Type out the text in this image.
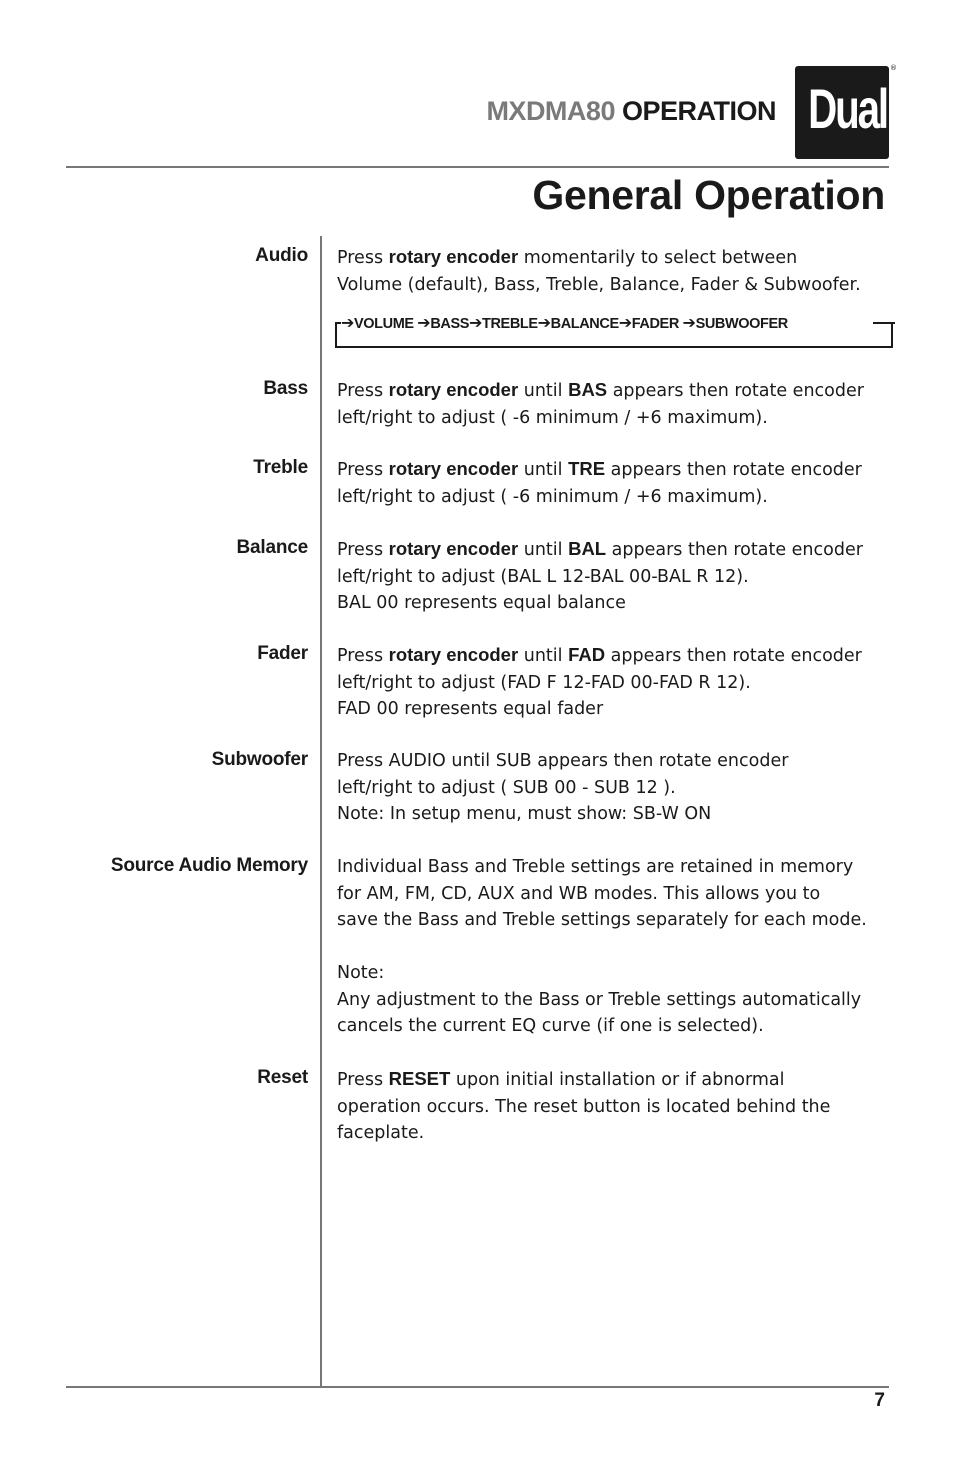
MXDMA80 OPERATION Dual
®
General Operation
Audio Press rotary encoder momentarily to select between
Volume (default), Bass, Treble, Balance, Fader & Subwoofer.
➔VOLUME ➔BASS➔TREBLE➔BALANCE➔FADER ➔SUBWOOFER
Bass Press rotary encoder until BAS appears then rotate encoder
left/right to adjust ( -6 minimum / +6 maximum).
Treble Press rotary encoder until TRE appears then rotate encoder
left/right to adjust ( -6 minimum / +6 maximum).
Balance Press rotary encoder until BAL appears then rotate encoder
left/right to adjust (BAL L 12-BAL 00-BAL R 12).
BAL 00 represents equal balance
Fader Press rotary encoder until FAD appears then rotate encoder
left/right to adjust (FAD F 12-FAD 00-FAD R 12).
FAD 00 represents equal fader
Subwoofer Press AUDIO until SUB appears then rotate encoder
left/right to adjust ( SUB 00 - SUB 12 ).
Note: In setup menu, must show: SB-W ON
Source Audio Memory Individual Bass and Treble settings are retained in memory
for AM, FM, CD, AUX and WB modes. This allows you to
save the Bass and Treble settings separately for each mode.

Note:
Any adjustment to the Bass or Treble settings automatically
cancels the current EQ curve (if one is selected).
Reset Press RESET upon initial installation or if abnormal
operation occurs. The reset button is located behind the
faceplate.
7
